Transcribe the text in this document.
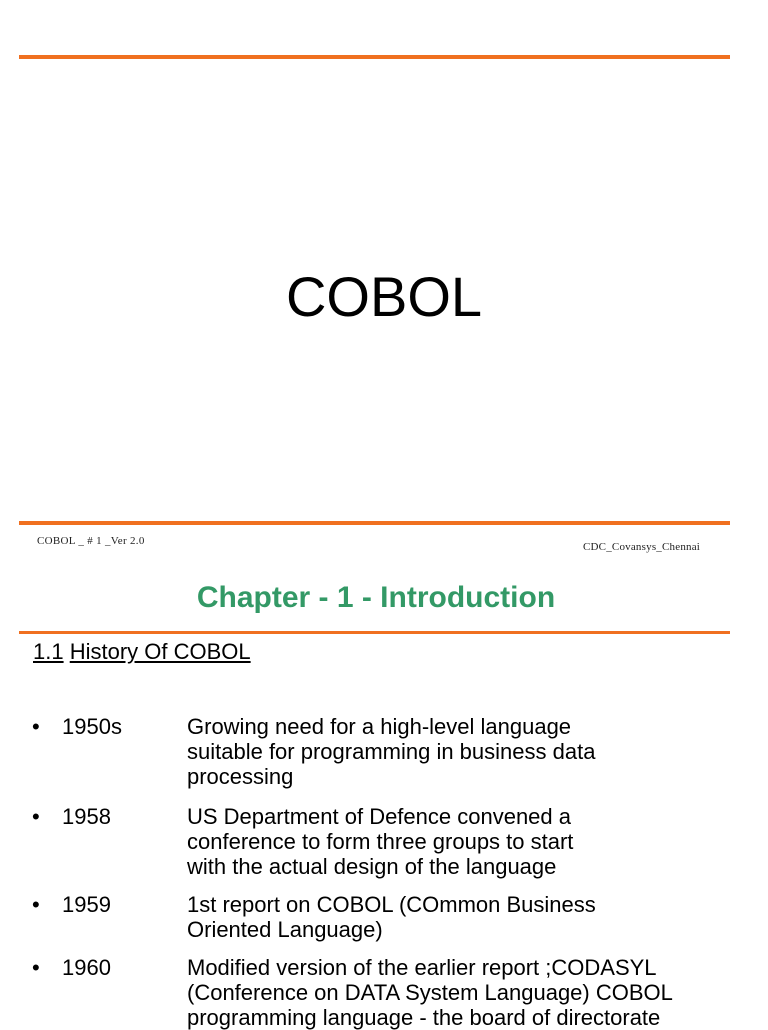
COBOL
COBOL _ # 1 _Ver 2.0	CDC_Covansys_Chennai
Chapter - 1 - Introduction
1.1 History Of COBOL
• 1950s	Growing need for a high-level language
suitable for programming in business data
processing
• 1958	US Department of Defence convened a
conference to form three groups to start
with the actual design of the language
• 1959	1st report on COBOL (COmmon Business
Oriented Language)
• 1960	Modified version of the earlier report ;CODASYL
(Conference on DATA System Language) COBOL
programming language - the board of directorate
